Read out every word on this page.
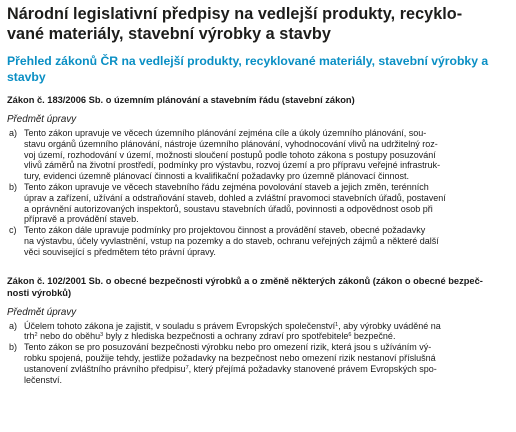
Národní legislativní předpisy na vedlejší produkty, recyklo-
vané materiály, stavební výrobky a stavby
Přehled zákonů ČR na vedlejší produkty, recyklované materiály, stavební výrobky a
stavby
Zákon č. 183/2006 Sb. o územním plánování a stavebním řádu (stavební zákon)
Předmět úpravy
a) Tento zákon upravuje ve věcech územního plánování zejména cíle a úkoly územního plánování, sou-
stavu orgánů územního plánování, nástroje územního plánování, vyhodnocování vlivů na udržitelný roz-
voj území, rozhodování v území, možnosti sloučení postupů podle tohoto zákona s postupy posuzování
vlivů záměrů na životní prostředí, podmínky pro výstavbu, rozvoj území a pro přípravu veřejné infrastruk-
tury, evidenci územně plánovací činnosti a kvalifikační požadavky pro územně plánovací činnost.
b) Tento zákon upravuje ve věcech stavebního řádu zejména povolování staveb a jejich změn, terénních
úprav a zařízení, užívání a odstraňování staveb, dohled a zvláštní pravomoci stavebních úřadů, postavení
a oprávnění autorizovaných inspektorů, soustavu stavebních úřadů, povinnosti a odpovědnost osob při
přípravě a provádění staveb.
c) Tento zákon dále upravuje podmínky pro projektovou činnost a provádění staveb, obecné požadavky
na výstavbu, účely vyvlastnění, vstup na pozemky a do staveb, ochranu veřejných zájmů a některé další
věci související s předmětem této právní úpravy.
Zákon č. 102/2001 Sb. o obecné bezpečnosti výrobků a o změně některých zákonů (zákon o obecné bezpeč-
nosti výrobků)
Předmět úpravy
a) Účelem tohoto zákona je zajistit, v souladu s právem Evropských společenství$^1$, aby výrobky uváděné na
trh$^2$ nebo do oběhu$^3$ byly z hlediska bezpečnosti a ochrany zdraví pro spotřebitele$^6$ bezpečné.
b) Tento zákon se pro posuzování bezpečnosti výrobku nebo pro omezení rizik, která jsou s užíváním vý-
robku spojená, použije tehdy, jestliže požadavky na bezpečnost nebo omezení rizik nestanoví příslušná
ustanovení zvláštního právního předpisu$^7$, který přejímá požadavky stanovené právem Evropských spo-
lečenství.
